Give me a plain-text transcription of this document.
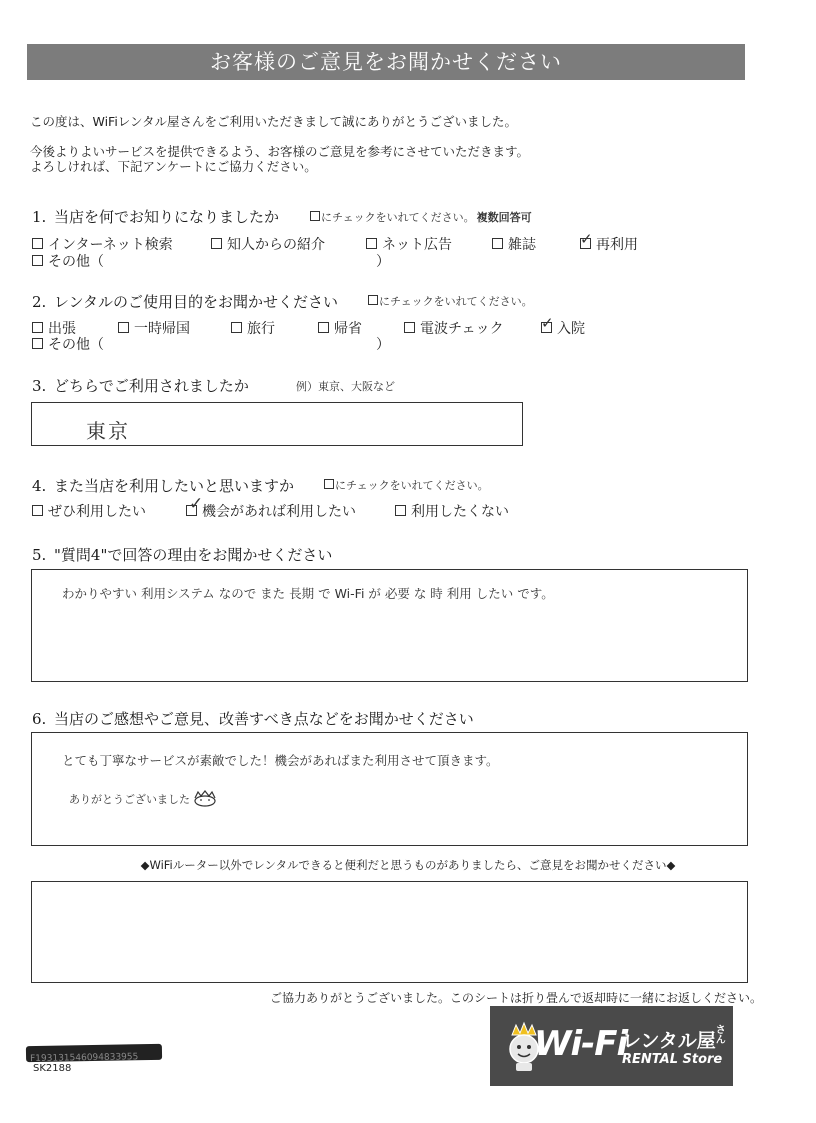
お客様のご意見をお聞かせください
この度は、WiFiレンタル屋さんをご利用いただきまして誠にありがとうございました。
今後よりよいサービスを提供できるよう、お客様のご意見を参考にさせていただきます。
よろしければ、下記アンケートにご協力ください。
1. 当店を何でお知りになりましたか	にチェックをいれてください。 複数回答可
インターネット検索	知人からの紹介	ネット広告	雑誌	✓ 再利用
その他（	）
2. レンタルのご使用目的をお聞かせください	にチェックをいれてください。
出張	一時帰国	旅行	帰省	電波チェック ✓ 入院
その他（	）
3. どちらでご利用されましたか	例）東京、大阪など
東京
4. また当店を利用したいと思いますか	にチェックをいれてください。
ぜひ利用したい	✓
機会があれば利用したい	利用したくない
5. "質問4"で回答の理由をお聞かせください
わかりやすい 利用システム なので また 長期 で Wi-Fi が 必要 な 時 利用 したい です。
6. 当店のご感想やご意見、改善すべき点などをお聞かせください
とても丁寧なサービスが素敵でした！機会があればまた利用させて頂きます。
ありがとうございました
◆WiFiルーター以外でレンタルできると便利だと思うものがありましたら、ご意見をお聞かせください◆
ご協力ありがとうございました。このシートは折り畳んで返却時に一緒にお返しください。
F193131546094833955
SK2188
Wi-Fi
レンタル屋さん
RENTAL Store
